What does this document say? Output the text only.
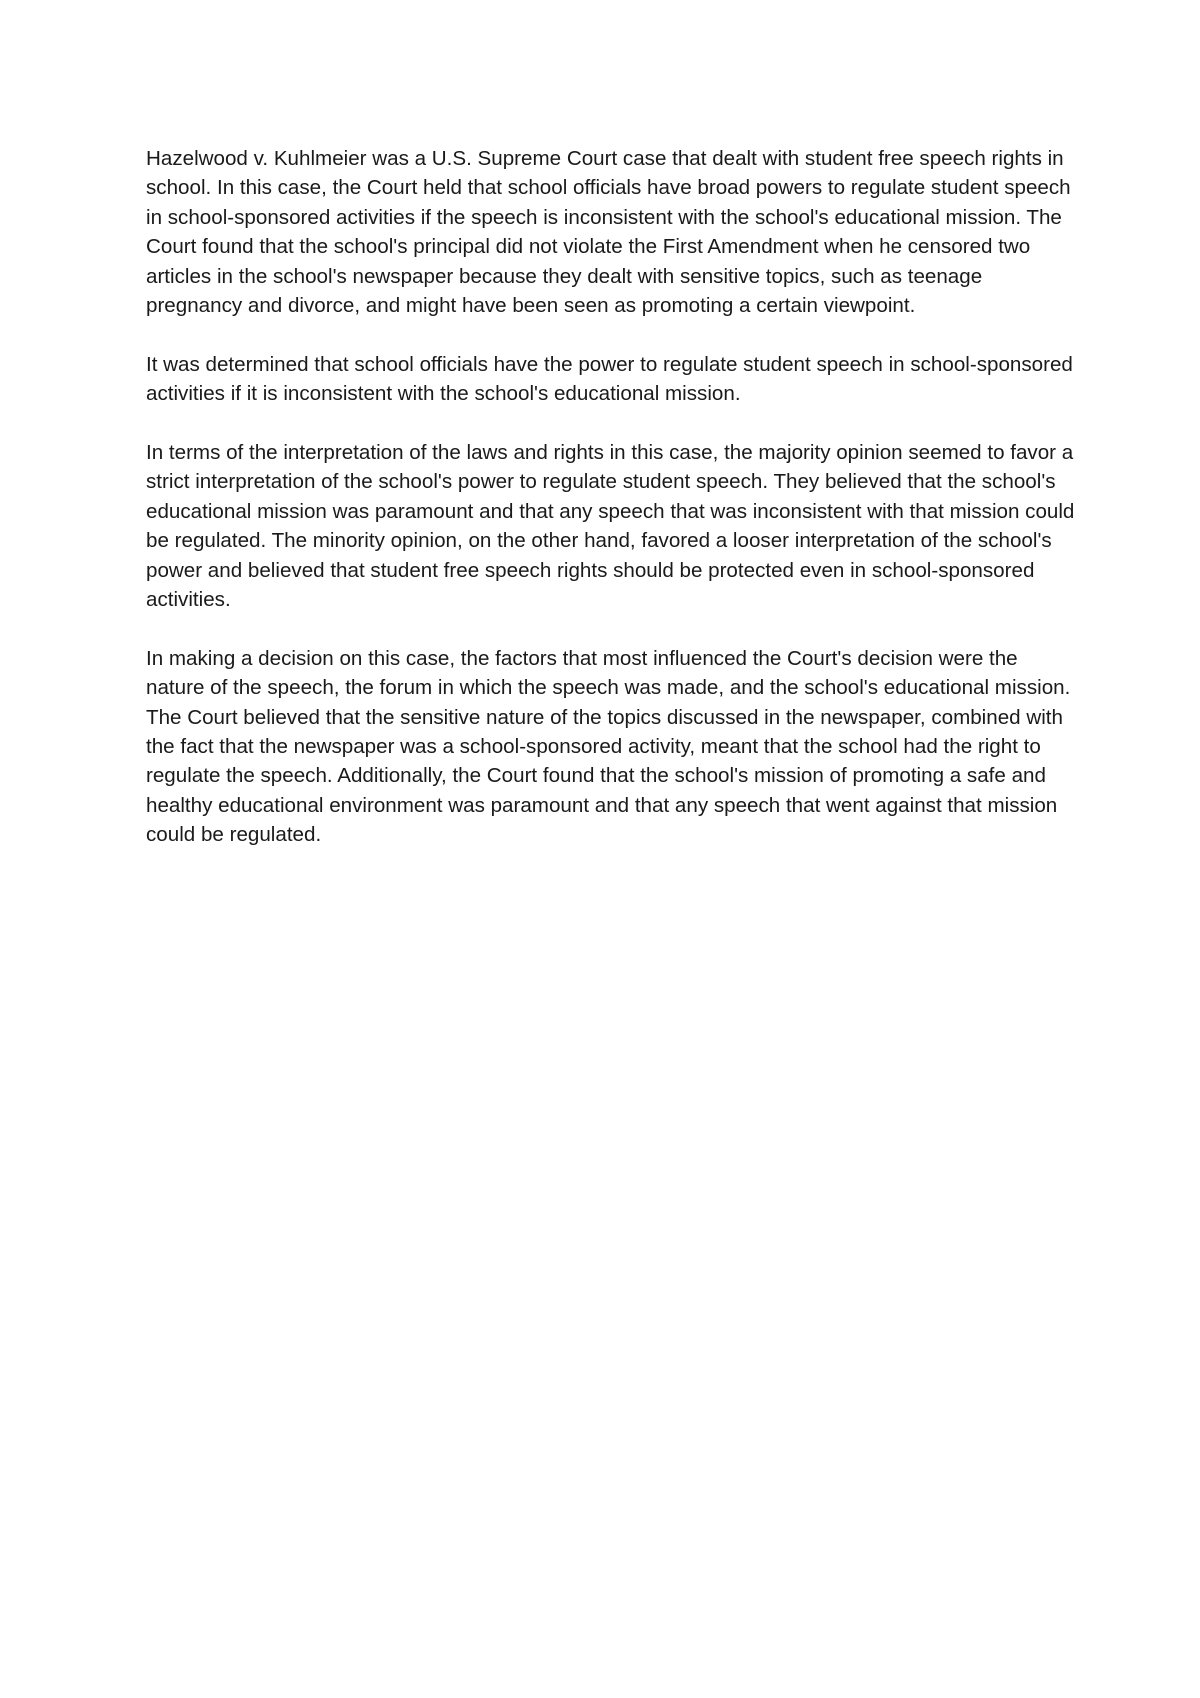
Hazelwood v. Kuhlmeier was a U.S. Supreme Court case that dealt with student free speech rights in school. In this case, the Court held that school officials have broad powers to regulate student speech in school-sponsored activities if the speech is inconsistent with the school's educational mission. The Court found that the school's principal did not violate the First Amendment when he censored two articles in the school's newspaper because they dealt with sensitive topics, such as teenage pregnancy and divorce, and might have been seen as promoting a certain viewpoint.

It was determined that school officials have the power to regulate student speech in school-sponsored activities if it is inconsistent with the school's educational mission.

In terms of the interpretation of the laws and rights in this case, the majority opinion seemed to favor a strict interpretation of the school's power to regulate student speech. They believed that the school's educational mission was paramount and that any speech that was inconsistent with that mission could be regulated. The minority opinion, on the other hand, favored a looser interpretation of the school's power and believed that student free speech rights should be protected even in school-sponsored activities.

In making a decision on this case, the factors that most influenced the Court's decision were the nature of the speech, the forum in which the speech was made, and the school's educational mission. The Court believed that the sensitive nature of the topics discussed in the newspaper, combined with the fact that the newspaper was a school-sponsored activity, meant that the school had the right to regulate the speech. Additionally, the Court found that the school's mission of promoting a safe and healthy educational environment was paramount and that any speech that went against that mission could be regulated.
